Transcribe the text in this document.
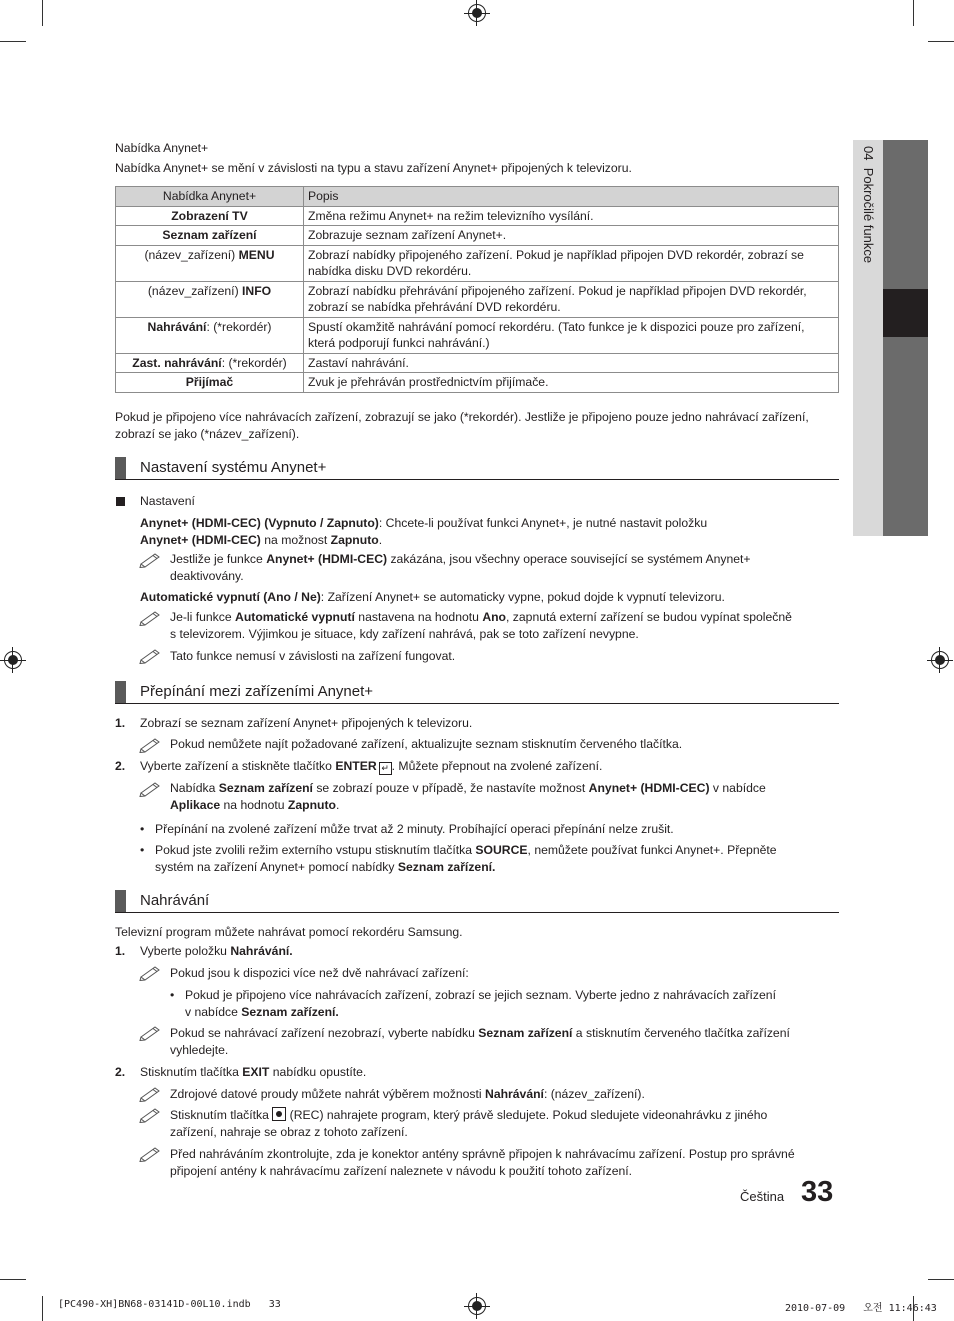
04  Pokročilé funkce
Nabídka Anynet+
Nabídka Anynet+ se mění v závislosti na typu a stavu zařízení Anynet+ připojených k televizoru.
Nabídka Anynet+	Popis
Zobrazení TV	Změna režimu Anynet+ na režim televizního vysílání.
Seznam zařízení	Zobrazuje seznam zařízení Anynet+.
(název_zařízení) MENU	Zobrazí nabídky připojeného zařízení. Pokud je například připojen DVD rekordér, zobrazí se nabídka disku DVD rekordéru.
(název_zařízení) INFO	Zobrazí nabídku přehrávání připojeného zařízení. Pokud je například připojen DVD rekordér, zobrazí se nabídka přehrávání DVD rekordéru.
Nahrávání: (*rekordér)	Spustí okamžitě nahrávání pomocí rekordéru. (Tato funkce je k dispozici pouze pro zařízení, která podporují funkci nahrávání.)
Zast. nahrávání: (*rekordér)	Zastaví nahrávání.
Přijímač	Zvuk je přehráván prostřednictvím přijímače.
Pokud je připojeno více nahrávacích zařízení, zobrazují se jako (*rekordér). Jestliže je připojeno pouze jedno nahrávací zařízení,
zobrazí se jako (*název_zařízení).
Nastavení systému Anynet+
Nastavení
Anynet+ (HDMI-CEC) (Vypnuto / Zapnuto): Chcete-li používat funkci Anynet+, je nutné nastavit položku
Anynet+ (HDMI-CEC) na možnost Zapnuto.
Jestliže je funkce Anynet+ (HDMI-CEC) zakázána, jsou všechny operace související se systémem Anynet+
deaktivovány.
Automatické vypnutí (Ano / Ne): Zařízení Anynet+ se automaticky vypne, pokud dojde k vypnutí televizoru.
Je-li funkce Automatické vypnutí nastavena na hodnotu Ano, zapnutá externí zařízení se budou vypínat společně
s televizorem. Výjimkou je situace, kdy zařízení nahrává, pak se toto zařízení nevypne.
Tato funkce nemusí v závislosti na zařízení fungovat.
Přepínání mezi zařízeními Anynet+
1.	Zobrazí se seznam zařízení Anynet+ připojených k televizoru.
Pokud nemůžete najít požadované zařízení, aktualizujte seznam stisknutím červeného tlačítka.
2.	Vyberte zařízení a stiskněte tlačítko ENTER ↵ . Můžete přepnout na zvolené zařízení.
Nabídka Seznam zařízení se zobrazí pouze v případě, že nastavíte možnost Anynet+ (HDMI-CEC) v nabídce
Aplikace na hodnotu Zapnuto.
• Přepínání na zvolené zařízení může trvat až 2 minuty. Probíhající operaci přepínání nelze zrušit.
• Pokud jste zvolili režim externího vstupu stisknutím tlačítka SOURCE, nemůžete používat funkci Anynet+. Přepněte
systém na zařízení Anynet+ pomocí nabídky Seznam zařízení.
Nahrávání
Televizní program můžete nahrávat pomocí rekordéru Samsung.
1.	Vyberte položku Nahrávání.
Pokud jsou k dispozici více než dvě nahrávací zařízení:
• Pokud je připojeno více nahrávacích zařízení, zobrazí se jejich seznam. Vyberte jedno z nahrávacích zařízení
v nabídce Seznam zařízení.
Pokud se nahrávací zařízení nezobrazí, vyberte nabídku Seznam zařízení a stisknutím červeného tlačítka zařízení
vyhledejte.
2.	Stisknutím tlačítka EXIT nabídku opustíte.
Zdrojové datové proudy můžete nahrát výběrem možnosti Nahrávání: (název_zařízení).
Stisknutím tlačítka
(REC) nahrajete program, který právě sledujete. Pokud sledujete videonahrávku z jiného
zařízení, nahraje se obraz z tohoto zařízení.
Před nahráváním zkontrolujte, zda je konektor antény správně připojen k nahrávacímu zařízení. Postup pro správné
připojení antény k nahrávacímu zařízení naleznete v návodu k použití tohoto zařízení.
Čeština 33
[PC490-XH]BN68-03141D-00L10.indb   33	2010-07-09   오전 11:46:43
